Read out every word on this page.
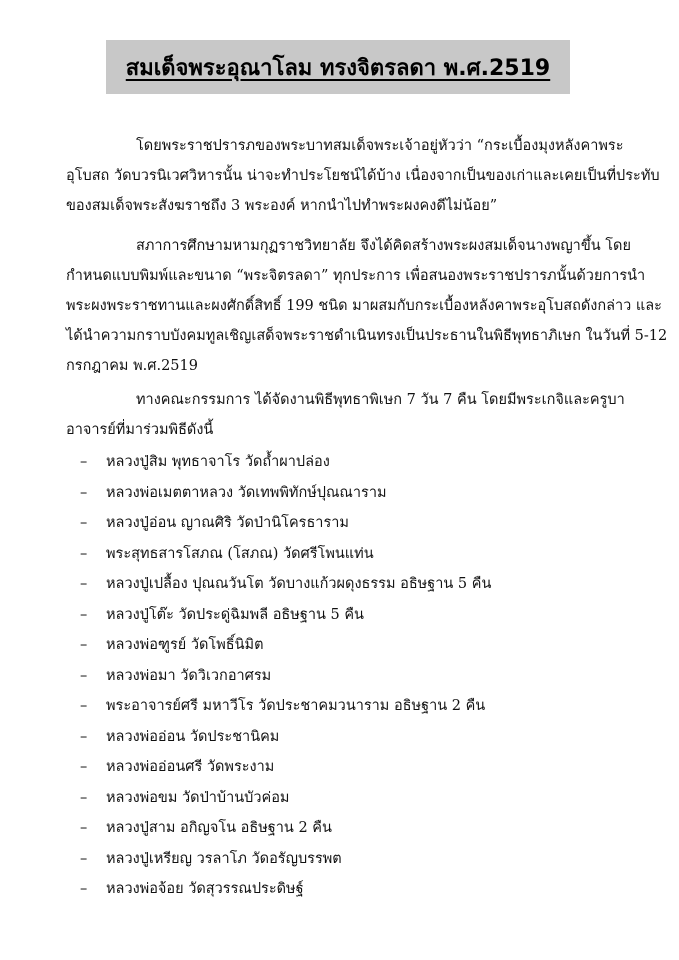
สมเด็จพระอุณาโลม ทรงจิตรลดา พ.ศ.2519
โดยพระราชปรารภของพระบาทสมเด็จพระเจ้าอยู่หัวว่า “กระเบื้องมุงหลังคาพระ
อุโบสถ วัดบวรนิเวศวิหารนั้น น่าจะทำประโยชน์ได้บ้าง เนื่องจากเป็นของเก่าและเคยเป็นที่ประทับ
ของสมเด็จพระสังฆราชถึง 3 พระองค์ หากนำไปทำพระผงคงดีไม่น้อย”
สภาการศึกษามหามกุฏราชวิทยาลัย จึงได้คิดสร้างพระผงสมเด็จนางพญาขึ้น โดย
กำหนดแบบพิมพ์และขนาด “พระจิตรลดา” ทุกประการ เพื่อสนองพระราชปรารภนั้นด้วยการนำ
พระผงพระราชทานและผงศักดิ์สิทธิ์ 199 ชนิด มาผสมกับกระเบื้องหลังคาพระอุโบสถดังกล่าว และ
ได้นำความกราบบังคมทูลเชิญเสด็จพระราชดำเนินทรงเป็นประธานในพิธีพุทธาภิเษก ในวันที่ 5-12
กรกฎาคม พ.ศ.2519
ทางคณะกรรมการ ได้จัดงานพิธีพุทธาพิเษก 7 วัน 7 คืน โดยมีพระเกจิและครูบา
อาจารย์ที่มาร่วมพิธีดังนี้
–	หลวงปู่สิม พุทธาจาโร วัดถ้ำผาปล่อง
–	หลวงพ่อเมตตาหลวง วัดเทพพิทักษ์ปุณณาราม
–	หลวงปู่อ่อน ญาณศิริ วัดป่านิโครธาราม
–	พระสุทธสารโสภณ (โสภณ) วัดศรีโพนแท่น
–	หลวงปู่เปลื้อง ปุณณวันโต วัดบางแก้วผดุงธรรม อธิษฐาน 5 คืน
–	หลวงปู่โต๊ะ วัดประดู่ฉิมพลี อธิษฐาน 5 คืน
–	หลวงพ่อฑูรย์ วัดโพธิ์นิมิต
–	หลวงพ่อมา วัดวิเวกอาศรม
–	พระอาจารย์ศรี มหาวีโร วัดประชาคมวนาราม อธิษฐาน 2 คืน
–	หลวงพ่ออ่อน วัดประชานิคม
–	หลวงพ่ออ่อนศรี วัดพระงาม
–	หลวงพ่อขม วัดป่าบ้านบัวค่อม
–	หลวงปู่สาม อกิญจโน อธิษฐาน 2 คืน
–	หลวงปู่เหรียญ วรลาโภ วัดอรัญบรรพต
–	หลวงพ่อจ้อย วัดสุวรรณประดิษฐ์
